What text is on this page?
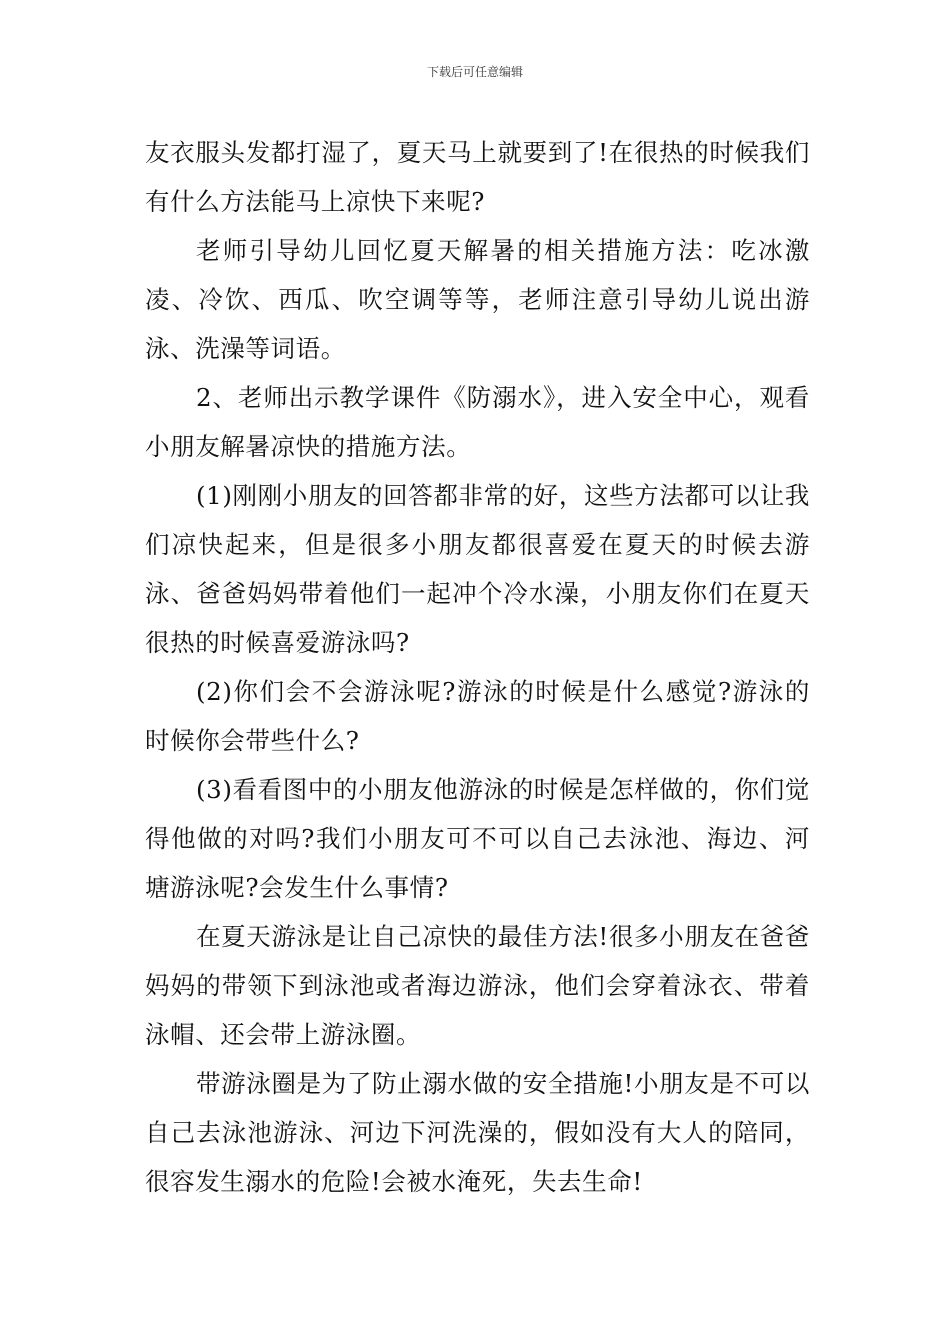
下载后可任意编辑

友衣服头发都打湿了，夏天马上就要到了!在很热的时候我们有什么方法能马上凉快下来呢?

老师引导幼儿回忆夏天解暑的相关措施方法：吃冰激凌、冷饮、西瓜、吹空调等等，老师注意引导幼儿说出游泳、洗澡等词语。

2、老师出示教学课件《防溺水》，进入安全中心，观看小朋友解暑凉快的措施方法。

(1)刚刚小朋友的回答都非常的好，这些方法都可以让我们凉快起来，但是很多小朋友都很喜爱在夏天的时候去游泳、爸爸妈妈带着他们一起冲个冷水澡，小朋友你们在夏天很热的时候喜爱游泳吗?

(2)你们会不会游泳呢?游泳的时候是什么感觉?游泳的时候你会带些什么?

(3)看看图中的小朋友他游泳的时候是怎样做的，你们觉得他做的对吗?我们小朋友可不可以自己去泳池、海边、河塘游泳呢?会发生什么事情?

在夏天游泳是让自己凉快的最佳方法!很多小朋友在爸爸妈妈的带领下到泳池或者海边游泳，他们会穿着泳衣、带着泳帽、还会带上游泳圈。

带游泳圈是为了防止溺水做的安全措施!小朋友是不可以自己去泳池游泳、河边下河洗澡的，假如没有大人的陪同，很容发生溺水的危险!会被水淹死，失去生命!
